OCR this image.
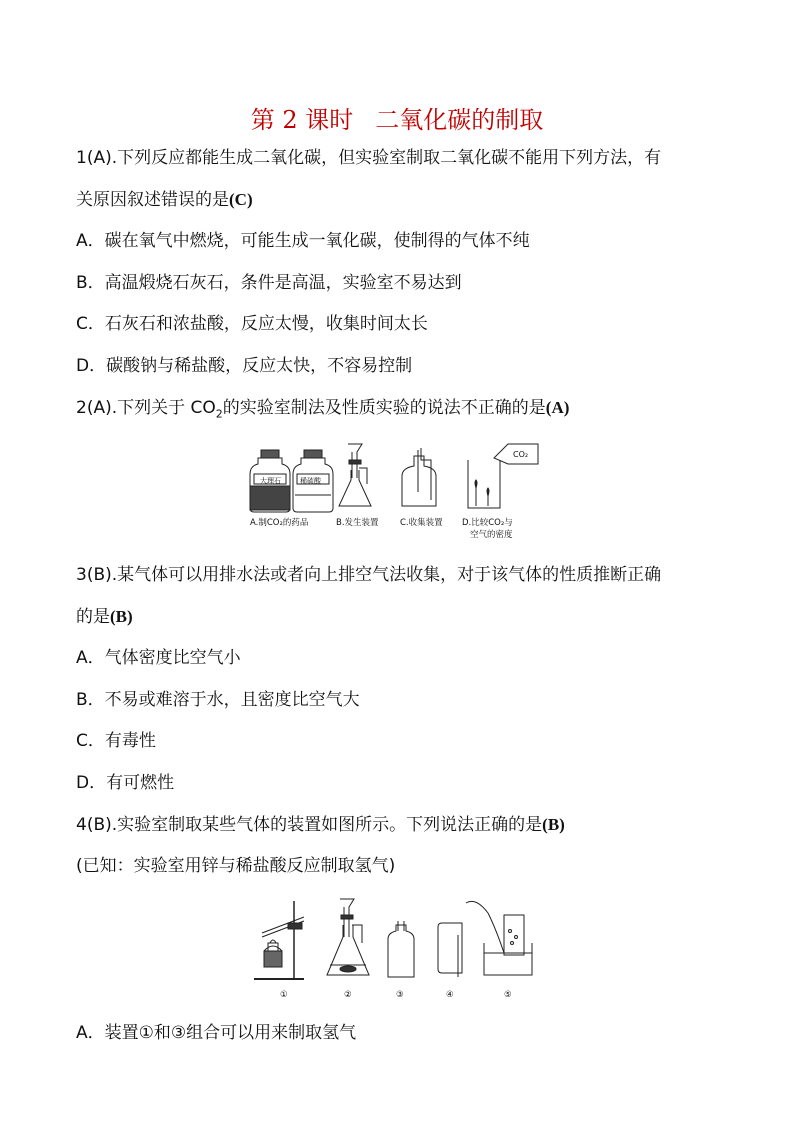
第 2 课时 二氧化碳的制取
1(A).下列反应都能生成二氧化碳，但实验室制取二氧化碳不能用下列方法，有
关原因叙述错误的是(C)
A．碳在氧气中燃烧，可能生成一氧化碳，使制得的气体不纯
B．高温煅烧石灰石，条件是高温，实验室不易达到
C．石灰石和浓盐酸，反应太慢，收集时间太长
D．碳酸钠与稀盐酸，反应太快，不容易控制
2(A).下列关于 $CO_2$的实验室制法及性质实验的说法不正确的是(A)
大理石	稀硫酸
CO₂
A.制CO₂的药品	B.发生装置	C.收集装置 D.比较CO₂与
空气的密度
3(B).某气体可以用排水法或者向上排空气法收集，对于该气体的性质推断正确
的是(B)
A．气体密度比空气小
B．不易或难溶于水，且密度比空气大
C．有毒性
D．有可燃性
4(B).实验室制取某些气体的装置如图所示。下列说法正确的是(B)
(已知：实验室用锌与稀盐酸反应制取氢气)
①	②	③	④	⑤
A．装置①和③组合可以用来制取氢气
